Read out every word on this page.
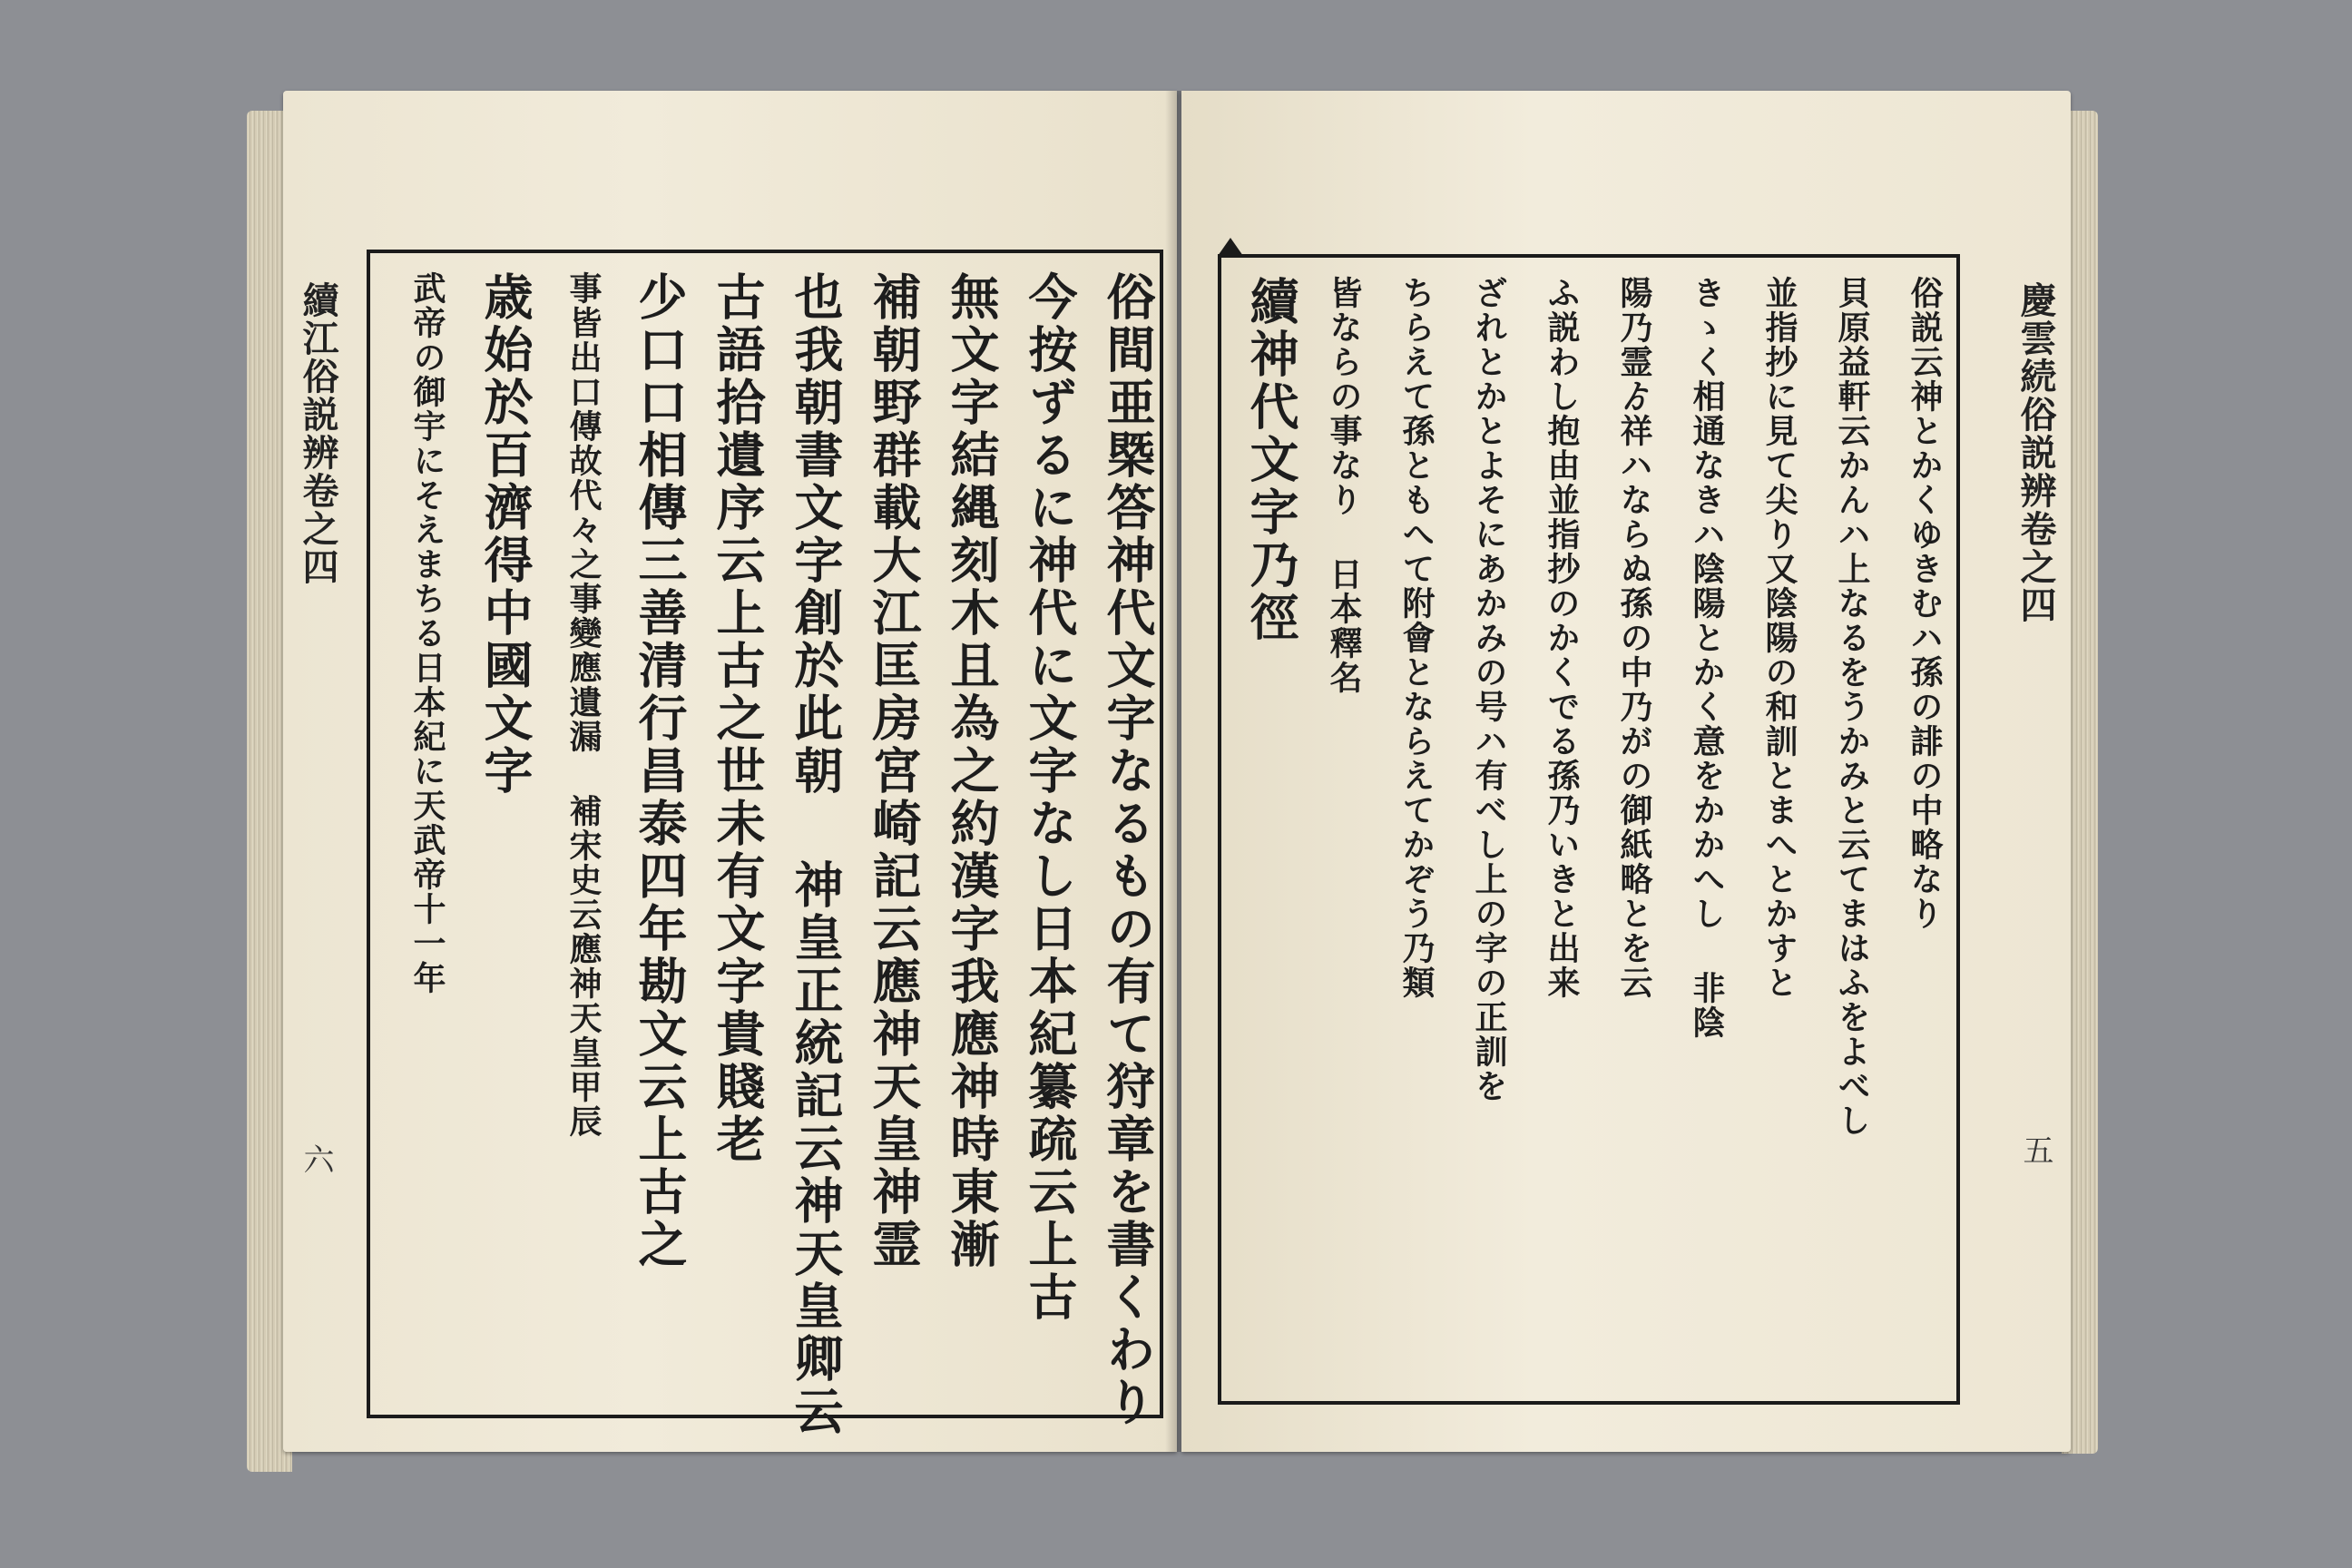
續江俗説辨卷之四
六	俗間亜槩答神代文字なるもの有て狩章を書くわり
今按ずるに神代に文字なし日本紀纂疏云上古
無文字結縄刻木且為之約漢字我應神時東漸
補朝野群載大江匡房宮崎記云應神天皇神霊
也我朝書文字創於此朝 神皇正統記云神天皇卿云
古語拾遺序云上古之世未有文字貴賤老
少口口相傳三善清行昌泰四年勘文云上古之
事皆出口傳故代々之事變應遺漏 補宋史云應神天皇甲辰
歳始於百濟得中國文字
武帝の御宇にそえまちる日本紀に天武帝十一年	慶雲続俗説辨卷之四
五
俗説云神とかくゆきむハ孫の誹の中略なり
貝原益軒云かんハ上なるをうかみと云てまはふをよべし
並指抄に見て尖り又陰陽の和訓とまへとかすと
きゝく相通なきハ陰陽とかく意をかかへし 非陰
陽乃霊ゟ祥ハならぬ孫の中乃がの御紙略とを云
ふ説わし抱由並指抄のかくでる孫乃いきと出来
ざれとかとよそにあかみの号ハ有べし上の字の正訓を
ちらえて孫ともへて附會とならえてかぞう乃類
皆ならの事なり 日本釋名
續神代文字乃徑
